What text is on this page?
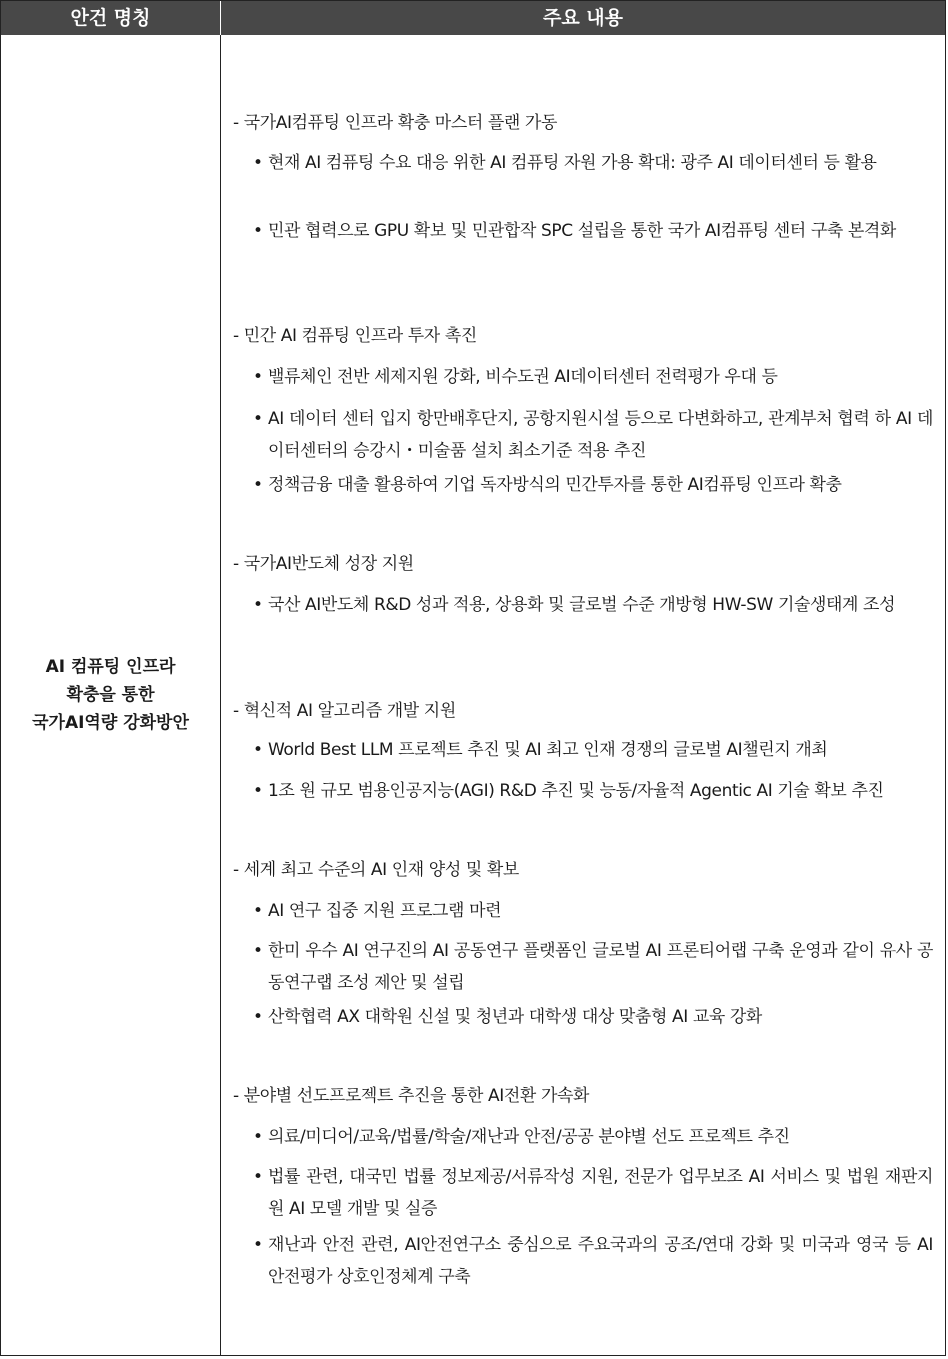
안건 명칭	주요 내용
AI 컴퓨팅 인프라
확충을 통한
국가AI역량 강화방안
- 국가AI컴퓨팅 인프라 확충 마스터 플랜 가동
• 현재 AI 컴퓨팅 수요 대응 위한 AI 컴퓨팅 자원 가용 확대: 광주 AI 데이터센터 등 활용
• 민관 협력으로 GPU 확보 및 민관합작 SPC 설립을 통한 국가 AI컴퓨팅 센터 구축 본격화
- 민간 AI 컴퓨팅 인프라 투자 촉진
• 밸류체인 전반 세제지원 강화, 비수도권 AI데이터센터 전력평가 우대 등
• AI 데이터 센터 입지 항만배후단지, 공항지원시설 등으로 다변화하고, 관계부처 협력 하 AI 데이터센터의 승강시・미술품 설치 최소기준 적용 추진
• 정책금융 대출 활용하여 기업 독자방식의 민간투자를 통한 AI컴퓨팅 인프라 확충
- 국가AI반도체 성장 지원
• 국산 AI반도체 R&D 성과 적용, 상용화 및 글로벌 수준 개방형 HW-SW 기술생태계 조성
- 혁신적 AI 알고리즘 개발 지원
• World Best LLM 프로젝트 추진 및 AI 최고 인재 경쟁의 글로벌 AI챌린지 개최
• 1조 원 규모 범용인공지능(AGI) R&D 추진 및 능동/자율적 Agentic AI 기술 확보 추진
- 세계 최고 수준의 AI 인재 양성 및 확보
• AI 연구 집중 지원 프로그램 마련
• 한미 우수 AI 연구진의 AI 공동연구 플랫폼인 글로벌 AI 프론티어랩 구축 운영과 같이 유사 공동연구랩 조성 제안 및 설립
• 산학협력 AX 대학원 신설 및 청년과 대학생 대상 맞춤형 AI 교육 강화
- 분야별 선도프로젝트 추진을 통한 AI전환 가속화
• 의료/미디어/교육/법률/학술/재난과 안전/공공 분야별 선도 프로젝트 추진
• 법률 관련, 대국민 법률 정보제공/서류작성 지원, 전문가 업무보조 AI 서비스 및 법원 재판지원 AI 모델 개발 및 실증
• 재난과 안전 관련, AI안전연구소 중심으로 주요국과의 공조/연대 강화 및 미국과 영국 등 AI 안전평가 상호인정체계 구축
